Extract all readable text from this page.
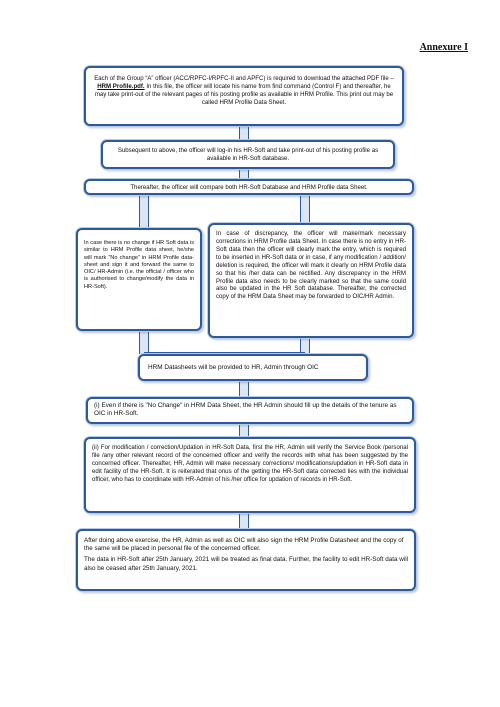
Annexure I
Each of the Group “A” officer (ACC/RPFC-I/RPFC-II and APFC) is required to download the attached PDF file – HRM Profile.pdf. In this file, the officer will locate his name from find command (Control F) and thereafter, he may take print-out of the relevant pages of his posting profile as available in HRM Profile. This print out may be called HRM Profile Data Sheet.
Subsequent to above, the officer will log-in his HR-Soft and take print-out of his posting profile as available in HR-Soft database.
Thereafter, the officer will compare both HR-Soft Database and HRM Profile data Sheet.
In case there is no change if HR Soft data is similar to HRM Profile data sheet, he/she will mark “No change” in HRM Profile data-sheet and sign it and forward the same to OIC/ HR-Admin (i.e. the official / officer who is authorised to change/modify the data in HR-Soft).
In case of discrepancy, the officer will make/mark necessary corrections in HRM Profile data Sheet. In case there is no entry in HR-Soft data then the officer will clearly mark the entry, which is required to be inserted in HR-Soft data or in case, if any modification / addition/ deletion is required, the officer will mark it clearly on HRM Profile data so that his /her data can be rectified. Any discrepancy in the HRM Profile data also needs to be clearly marked so that the same could also be updated in the HR Soft database. Thereafter, the corrected copy of the HRM Data Sheet may be forwarded to OIC/HR Admin.
HRM Datasheets will be provided to HR, Admin through OIC
(i) Even if there is "No Change" in HRM Data Sheet, the HR Admin should fill up the details of the tenure as OIC in HR-Soft.
(ii) For modification / correction/Updation in HR-Soft Data, first the HR, Admin will verify the Service Book /personal file /any other relevant record of the concerned officer and verify the records with what has been suggested by the concerned officer. Thereafter, HR, Admin will make necessary corrections/ modifications/updation in HR-Soft data in edit facility of the HR-Soft. It is reiterated that onus of the getting the HR-Soft data corrected lies with the individual officer, who has to coordinate with HR-Admin of his /her office for updation of records in HR-Soft.

After doing above exercise, the HR, Admin as well as OIC will also sign the HRM Profile Datasheet and the copy of the same will be placed in personal file of the concerned officer.

The data in HR-Soft after 25th January, 2021 will be treated as final data. Further, the facility to edit HR-Soft data will also be ceased after 25th January, 2021.
